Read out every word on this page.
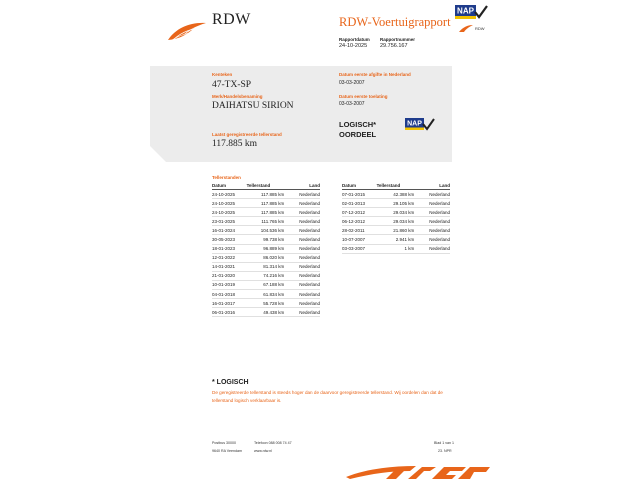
RDW	RDW-Voertuigrapport
NAP
RDW
Rapportdatum
24-10-2025
Rapportnummer
29.756.167
Kenteken
47-TX-SP
Merk/Handelsbenaming
DAIHATSU SIRION
Laatst geregistreerde tellerstand
117.885 km
Datum eerste afgifte in Nederland
03-03-2007
Datum eerste toelating
03-03-2007
LOGISCH*
OORDEEL
NAP
Tellerstanden
Datum	Tellerstand	Land
24-10-2025	117.885 km	Nederland
24-10-2025	117.885 km	Nederland
24-10-2025	117.885 km	Nederland
23-01-2025	111.765 km	Nederland
16-01-2024	104.536 km	Nederland
30-05-2023	99.738 km	Nederland
18-01-2023	96.889 km	Nederland
12-01-2022	86.020 km	Nederland
14-01-2021	81.314 km	Nederland
21-01-2020	74.216 km	Nederland
10-01-2019	67.188 km	Nederland
04-01-2018	61.834 km	Nederland
16-01-2017	55.728 km	Nederland
06-01-2016	49.438 km	Nederland
Datum	Tellerstand	Land
07-01-2015	42.388 km	Nederland
02-01-2013	29.105 km	Nederland
07-12-2012	29.034 km	Nederland
06-12-2012	29.034 km	Nederland
28-02-2011	21.860 km	Nederland
10-07-2007	2.941 km	Nederland
03-03-2007	1 km	Nederland
* LOGISCH
De geregistreerde tellerstand is steeds hoger dan de daarvoor geregistreerde tellerstand. Wij oordelen dan dat de tellerstand logisch verklaarbaar is.
Postbus 30000
9640 RA Veendam
Telefoon 088 008 74 47
www.rdw.nl
Blad 1 van 1
23. NPR
